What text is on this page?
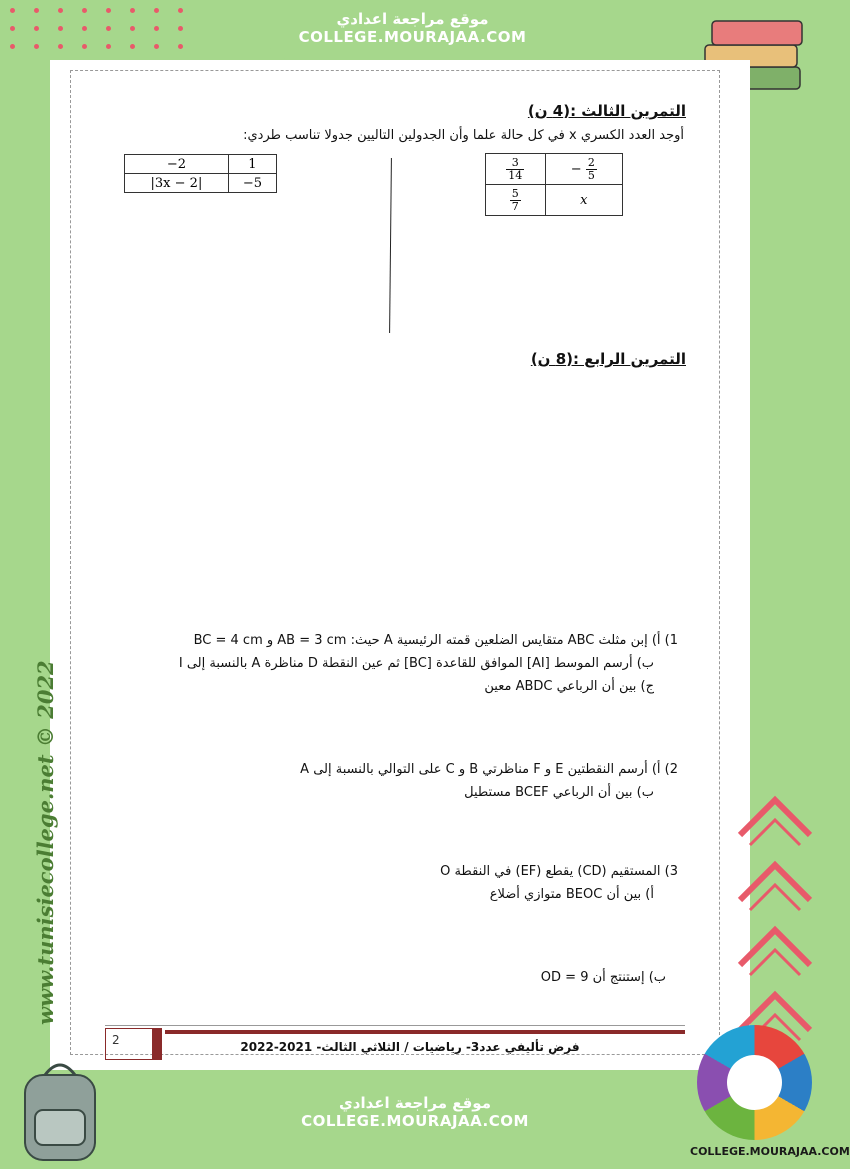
موقع مراجعة اعدادي
COLLEGE.MOURAJAA.COM
www.tunisiecollege.net © 2022
التمرين الثالث :(4 ن)
أوجد العدد الكسري x في كل حالة علما وأن الجدولين التاليين جدولا تناسب طردي:
−2	1
|3x − 2|	−5
$\frac{3}{14}$	− $\frac{2}{5}$

$\frac{5}{7}$	x
التمرين الرابع :(8 ن)
1) أ) إبن مثلث ABC متقايس الضلعين قمته الرئيسية A حيث: AB = 3 cm و BC = 4 cm
ب) أرسم الموسط [AI] الموافق للقاعدة [BC] ثم عين النقطة D مناظرة A بالنسبة إلى I
ج) بين أن الرباعي ABDC معين
2) أ) أرسم النقطتين E و F مناظرتي B و C على التوالي بالنسبة إلى A
ب) بين أن الرباعي BCEF مستطيل
3) المستقيم (CD) يقطع (EF) في النقطة O
أ) بين أن BEOC متوازي أضلاع
ب) إستنتج أن OD = 9
2	فرض تأليفي عدد3- رياضيات / الثلاثي الثالث- 2021-2022
موقع مراجعة اعدادي
COLLEGE.MOURAJAA.COM
COLLEGE.MOURAJAA.COM
